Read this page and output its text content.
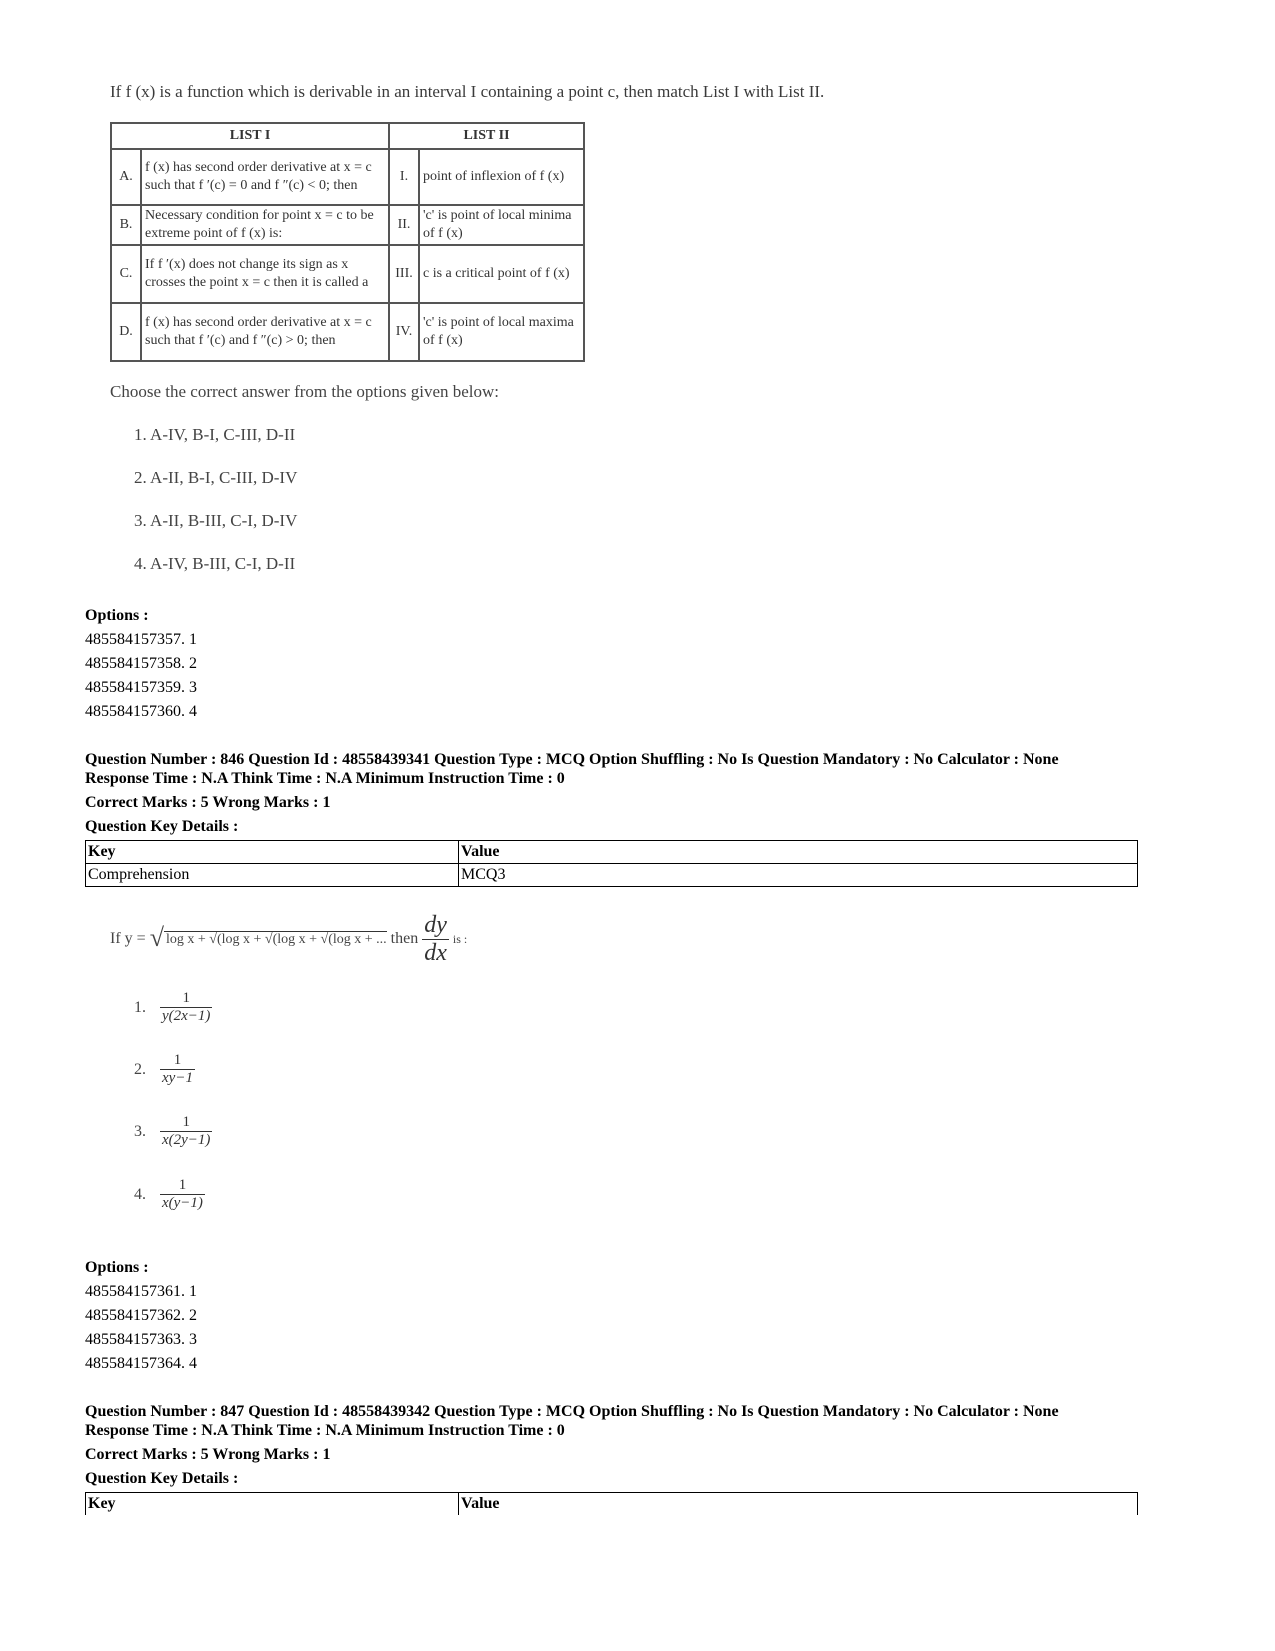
If f (x) is a function which is derivable in an interval I containing a point c, then match List I with List II.
LIST I		LIST II	
A.	f (x) has second order derivative at x = c such that f ′(c) = 0 and f ″(c) < 0; then	I.	point of inflexion of f (x)
B.	Necessary condition for point x = c to be extreme point of f (x) is:	II.	'c' is point of local minima of f (x)
C.	If f ′(x) does not change its sign as x crosses the point x = c then it is called a	III.	c is a critical point of f (x)
D.	f (x) has second order derivative at x = c such that f ′(c) and f ″(c) > 0; then	IV.	'c' is point of local maxima of f (x)
Choose the correct answer from the options given below:
1. A-IV, B-I, C-III, D-II
2. A-II, B-I, C-III, D-IV
3. A-II, B-III, C-I, D-IV
4. A-IV, B-III, C-I, D-II
Options :
485584157357. 1
485584157358. 2
485584157359. 3
485584157360. 4
Question Number : 846 Question Id : 48558439341 Question Type : MCQ Option Shuffling : No Is Question Mandatory : No Calculator : None
Response Time : N.A Think Time : N.A Minimum Instruction Time : 0
Correct Marks : 5 Wrong Marks : 1
Question Key Details :
Key	Value
Comprehension	MCQ3
If y = √ log x + √(log x + √(log x + √(log x + ... then $\frac{dy}{dx}$ is :
1. $\frac{1}{y(2x-1)}$
2. $\frac{1}{xy-1}$
3. $\frac{1}{x(2y-1)}$
4. $\frac{1}{x(y-1)}$
Options :
485584157361. 1
485584157362. 2
485584157363. 3
485584157364. 4
Question Number : 847 Question Id : 48558439342 Question Type : MCQ Option Shuffling : No Is Question Mandatory : No Calculator : None
Response Time : N.A Think Time : N.A Minimum Instruction Time : 0
Correct Marks : 5 Wrong Marks : 1
Question Key Details :
Key	Value
